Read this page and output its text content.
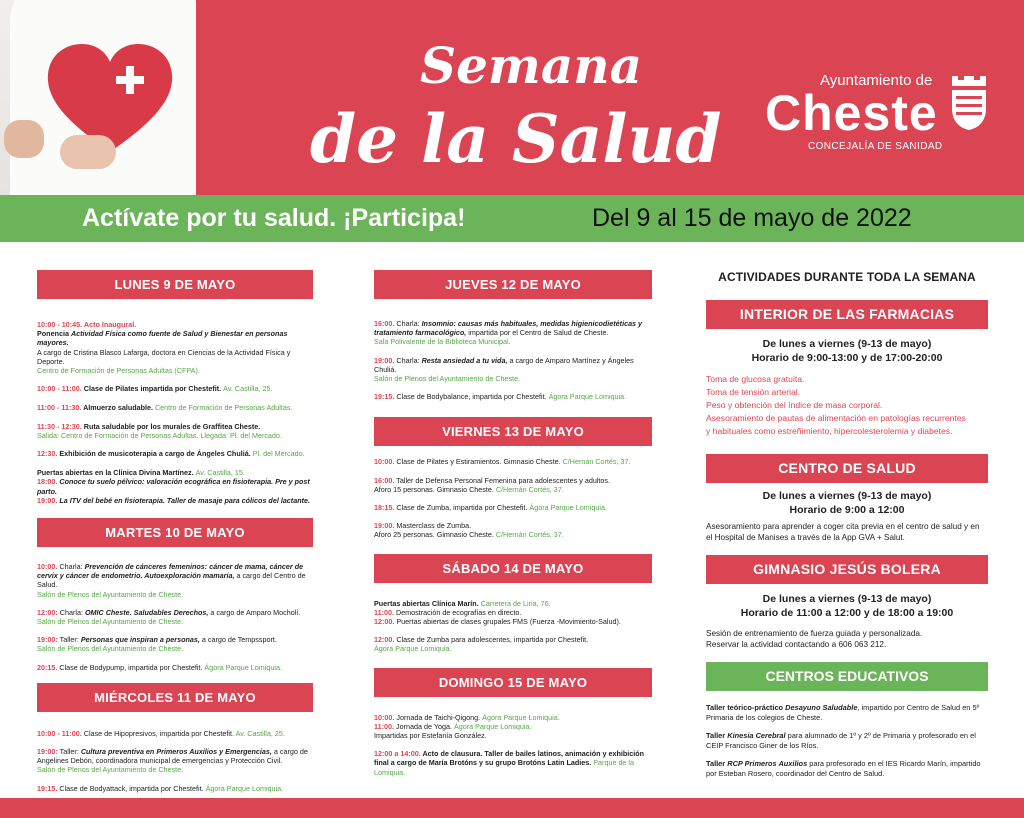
Semana
de la Salud
Ayuntamiento de
Cheste
CONCEJALÍA DE SANIDAD
Actívate por tu salud. ¡Participa!	Del 9 al 15 de mayo de 2022
LUNES 9 DE MAYO
10:00 - 10:45. Acto Inaugural.
Ponencia Actividad Física como fuente de Salud y Bienestar en personas mayores.
A cargo de Cristina Blasco Lafarga, doctora en Ciencias de la Actividad Física y Deporte.
Centro de Formación de Personas Adultas (CFPA).
10:00 - 11:00. Clase de Pilates impartida por Chestefit. Av. Castilla, 25.
11:00 - 11:30. Almuerzo saludable. Centro de Formación de Personas Adultas.
11:30 - 12:30. Ruta saludable por los murales de Graffitea Cheste.
Salida: Centro de Formación de Personas Adultas. Llegada: Pl. del Mercado.
12:30. Exhibición de musicoterapia a cargo de Ángeles Chuliá. Pl. del Mercado.
Puertas abiertas en la Clínica Divina Martínez. Av. Castilla, 15.
18:00. Conoce tu suelo pélvico: valoración ecográfica en fisioterapia. Pre y post parto.
19:00. La ITV del bebé en fisioterapia. Taller de masaje para cólicos del lactante.
MARTES 10 DE MAYO
10:00. Charla: Prevención de cánceres femeninos: cáncer de mama, cáncer de cervix y cáncer de endometrio. Autoexploración mamaria, a cargo del Centro de Salud.
Salón de Plenos del Ayuntamiento de Cheste.
12:00: Charla: OMIC Cheste. Saludables Derechos, a cargo de Amparo Mocholí.
Salón de Plenos del Ayuntamiento de Cheste.
19:00: Taller: Personas que inspiran a personas, a cargo de Tempssport.
Salón de Plenos del Ayuntamiento de Cheste.
20:15. Clase de Bodypump, impartida por Chestefit. Ágora Parque Lomiquia.
MIÉRCOLES 11 DE MAYO
10:00 - 11:00. Clase de Hipopresivos, impartida por Chestefit. Av. Castilla, 25.
19:00: Taller: Cultura preventiva en Primeros Auxilios y Emergencias, a cargo de Angelines Debón, coordinadora municipal de emergencias y Protección Civil.
Salón de Plenos del Ayuntamiento de Cheste.
19:15. Clase de Bodyattack, impartida por Chestefit. Ágora Parque Lomiquia.
JUEVES 12 DE MAYO
16:00. Charla: Insomnio: causas más habituales, medidas higienicodietéticas y tratamiento farmacológico, impartida por el Centro de Salud de Cheste.
Sala Polivalente de la Biblioteca Municipal.
19:00. Charla: Resta ansiedad a tu vida, a cargo de Amparo Martínez y Ángeles Chuliá.
Salón de Plenos del Ayuntamiento de Cheste.
19:15. Clase de Bodybalance, impartida por Chestefit. Ágora Parque Lomiquia.
VIERNES 13 DE MAYO
10:00. Clase de Pilates y Estiramientos. Gimnasio Cheste. C/Hernán Cortés, 37.
16:00. Taller de Defensa Personal Femenina para adolescentes y adultos.
Aforo 15 personas. Gimnasio Cheste. C/Hernán Cortés, 37.
18:15. Clase de Zumba, impartida por Chestefit. Ágora Parque Lomiquia.
19:00. Masterclass de Zumba.
Aforo 25 personas. Gimnasio Cheste. C/Hernán Cortés, 37.
SÁBADO 14 DE MAYO
Puertas abiertas Clínica Marín. Carretera de Liria, 76.
11:00. Demostración de ecografías en directo.
12:00. Puertas abiertas de clases grupales FMS (Fuerza -Movimiento-Salud).
12:00. Clase de Zumba para adolescentes, impartida por Chestefit.
Ágora Parque Lomiquia.
DOMINGO 15 DE MAYO
10:00. Jornada de Taichi-Qigong. Ágora Parque Lomiquia.
11:00. Jornada de Yoga. Ágora Parque Lomiquia.
Impartidas por Estefanía González.
12:00 a 14:00. Acto de clausura. Taller de bailes latinos, animación y exhibición final a cargo de María Brotóns y su grupo Brotóns Latin Ladies. Parque de la Lomiquia.
ACTIVIDADES DURANTE TODA LA SEMANA
INTERIOR DE LAS FARMACIAS
De lunes a viernes (9-13 de mayo)
Horario de 9:00-13:00 y de 17:00-20:00
Toma de glucosa gratuita.
Toma de tensión arterial.
Peso y obtención del índice de masa corporal.
Asesoramiento de pautas de alimentación en patologías recurrentes
y habituales como estreñimiento, hipercolesterolemia y diabetes.
CENTRO DE SALUD
De lunes a viernes (9-13 de mayo)
Horario de 9:00 a 12:00
Asesoramiento para aprender a coger cita previa en el centro de salud y en el Hospital de Manises a través de la App GVA + Salut.
GIMNASIO JESÚS BOLERA
De lunes a viernes (9-13 de mayo)
Horario de 11:00 a 12:00 y de 18:00 a 19:00
Sesión de entrenamiento de fuerza guiada y personalizada.
Reservar la actividad contactando a 606 063 212.
CENTROS EDUCATIVOS
Taller teórico-práctico Desayuno Saludable, impartido por Centro de Salud en 5º Primaria de los colegios de Cheste.
Taller Kinesia Cerebral para alumnado de 1º y 2º de Primaria y profesorado en el CEIP Francisco Giner de los Ríos.
Taller RCP Primeros Auxilios para profesorado en el IES Ricardo Marín, impartido por Esteban Rosero, coordinador del Centro de Salud.
